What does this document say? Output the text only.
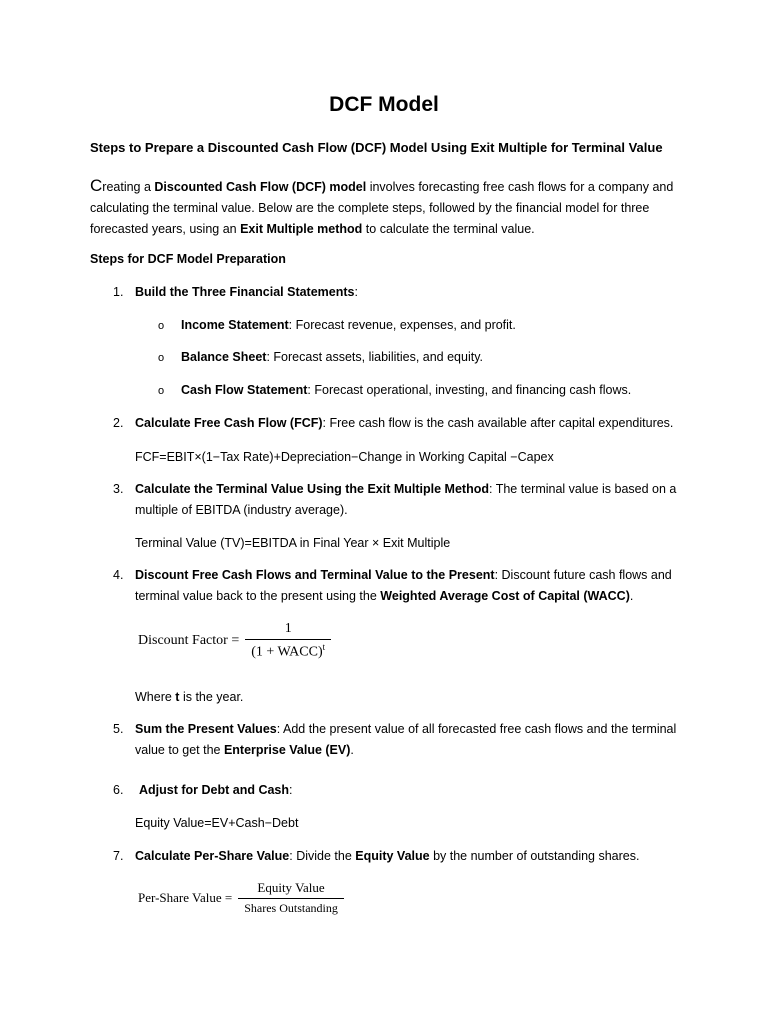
DCF Model
Steps to Prepare a Discounted Cash Flow (DCF) Model Using Exit Multiple for Terminal Value
Creating a Discounted Cash Flow (DCF) model involves forecasting free cash flows for a company and calculating the terminal value. Below are the complete steps, followed by the financial model for three forecasted years, using an Exit Multiple method to calculate the terminal value.
Steps for DCF Model Preparation
1. Build the Three Financial Statements:
o Income Statement: Forecast revenue, expenses, and profit.
o Balance Sheet: Forecast assets, liabilities, and equity.
o Cash Flow Statement: Forecast operational, investing, and financing cash flows.
2. Calculate Free Cash Flow (FCF): Free cash flow is the cash available after capital expenditures.
FCF=EBIT×(1−Tax Rate)+Depreciation−Change in Working Capital −Capex
3. Calculate the Terminal Value Using the Exit Multiple Method: The terminal value is based on a multiple of EBITDA (industry average).
Terminal Value (TV)=EBITDA in Final Year × Exit Multiple
4. Discount Free Cash Flows and Terminal Value to the Present: Discount future cash flows and terminal value back to the present using the Weighted Average Cost of Capital (WACC).
Discount Factor = $\frac{1}{(1 + WACC)^t}$
Where t is the year.
5. Sum the Present Values: Add the present value of all forecasted free cash flows and the terminal value to get the Enterprise Value (EV).
6. Adjust for Debt and Cash:
Equity Value=EV+Cash−Debt
7. Calculate Per-Share Value: Divide the Equity Value by the number of outstanding shares.
Per-Share Value = $\frac{\text{Equity Value}}{\text{Shares Outstanding}}$
